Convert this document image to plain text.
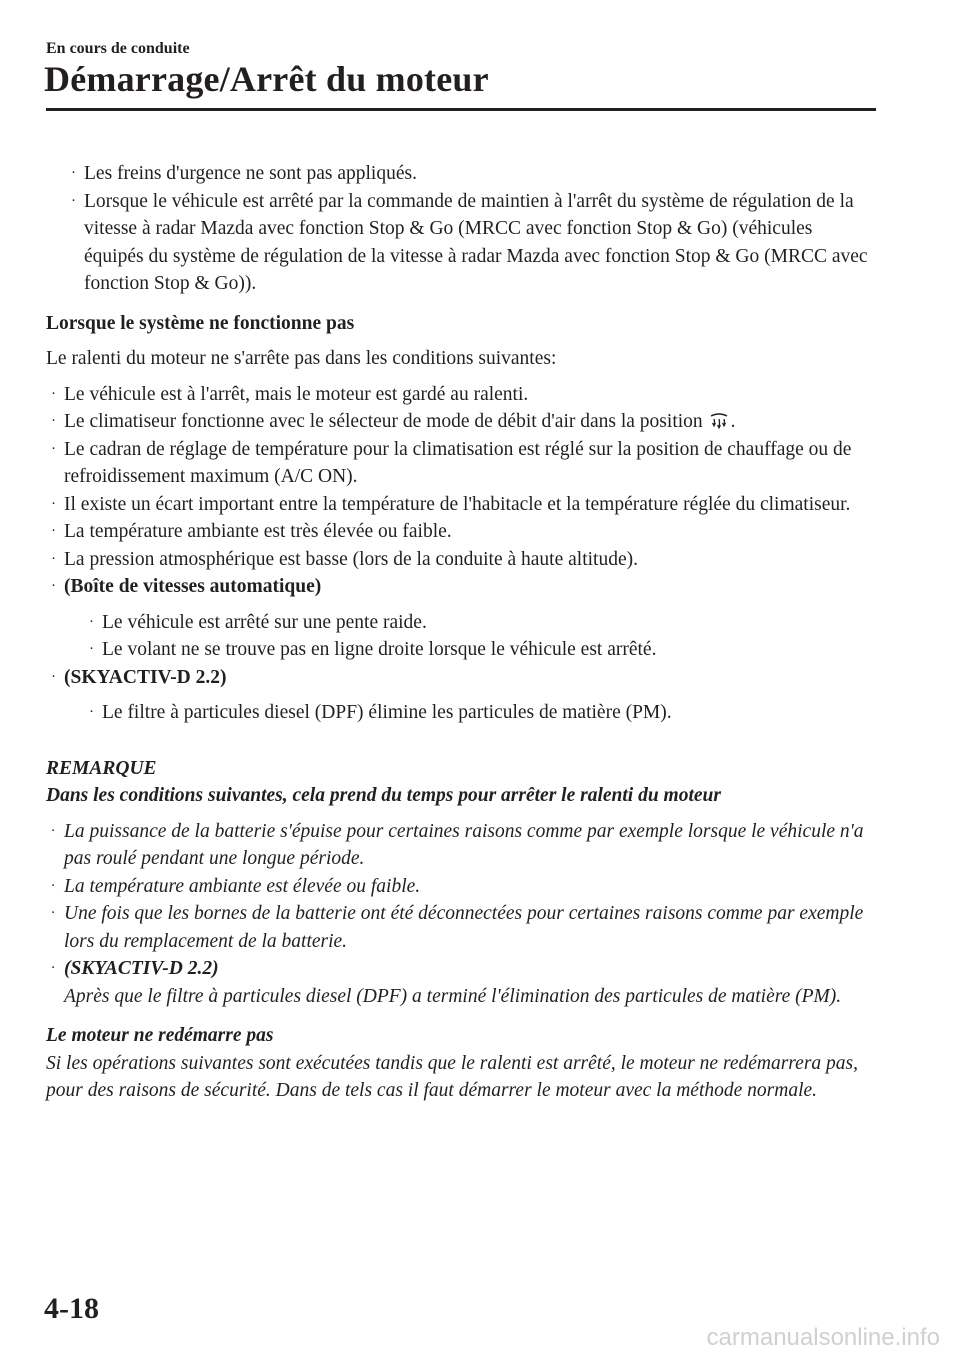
En cours de conduite
Démarrage/Arrêt du moteur
· Les freins d'urgence ne sont pas appliqués.
· Lorsque le véhicule est arrêté par la commande de maintien à l'arrêt du système de régulation de la vitesse à radar Mazda avec fonction Stop & Go (MRCC avec fonction Stop & Go) (véhicules équipés du système de régulation de la vitesse à radar Mazda avec fonction Stop & Go (MRCC avec fonction Stop & Go)).

Lorsque le système ne fonctionne pas

Le ralenti du moteur ne s'arrête pas dans les conditions suivantes:

· Le véhicule est à l'arrêt, mais le moteur est gardé au ralenti.
· Le climatiseur fonctionne avec le sélecteur de mode de débit d'air dans la position .
· Le cadran de réglage de température pour la climatisation est réglé sur la position de chauffage ou de refroidissement maximum (A/C ON).
· Il existe un écart important entre la température de l'habitacle et la température réglée du climatiseur.
· La température ambiante est très élevée ou faible.
· La pression atmosphérique est basse (lors de la conduite à haute altitude).
· (Boîte de vitesses automatique)
· Le véhicule est arrêté sur une pente raide.
· Le volant ne se trouve pas en ligne droite lorsque le véhicule est arrêté.
· (SKYACTIV-D 2.2)
· Le filtre à particules diesel (DPF) élimine les particules de matière (PM).

REMARQUE

Dans les conditions suivantes, cela prend du temps pour arrêter le ralenti du moteur

· La puissance de la batterie s'épuise pour certaines raisons comme par exemple lorsque le véhicule n'a pas roulé pendant une longue période.
· La température ambiante est élevée ou faible.
· Une fois que les bornes de la batterie ont été déconnectées pour certaines raisons comme par exemple lors du remplacement de la batterie.
· (SKYACTIV-D 2.2)
Après que le filtre à particules diesel (DPF) a terminé l'élimination des particules de matière (PM).

Le moteur ne redémarre pas

Si les opérations suivantes sont exécutées tandis que le ralenti est arrêté, le moteur ne redémarrera pas, pour des raisons de sécurité. Dans de tels cas il faut démarrer le moteur avec la méthode normale.

4-18
carmanualsonline.info
